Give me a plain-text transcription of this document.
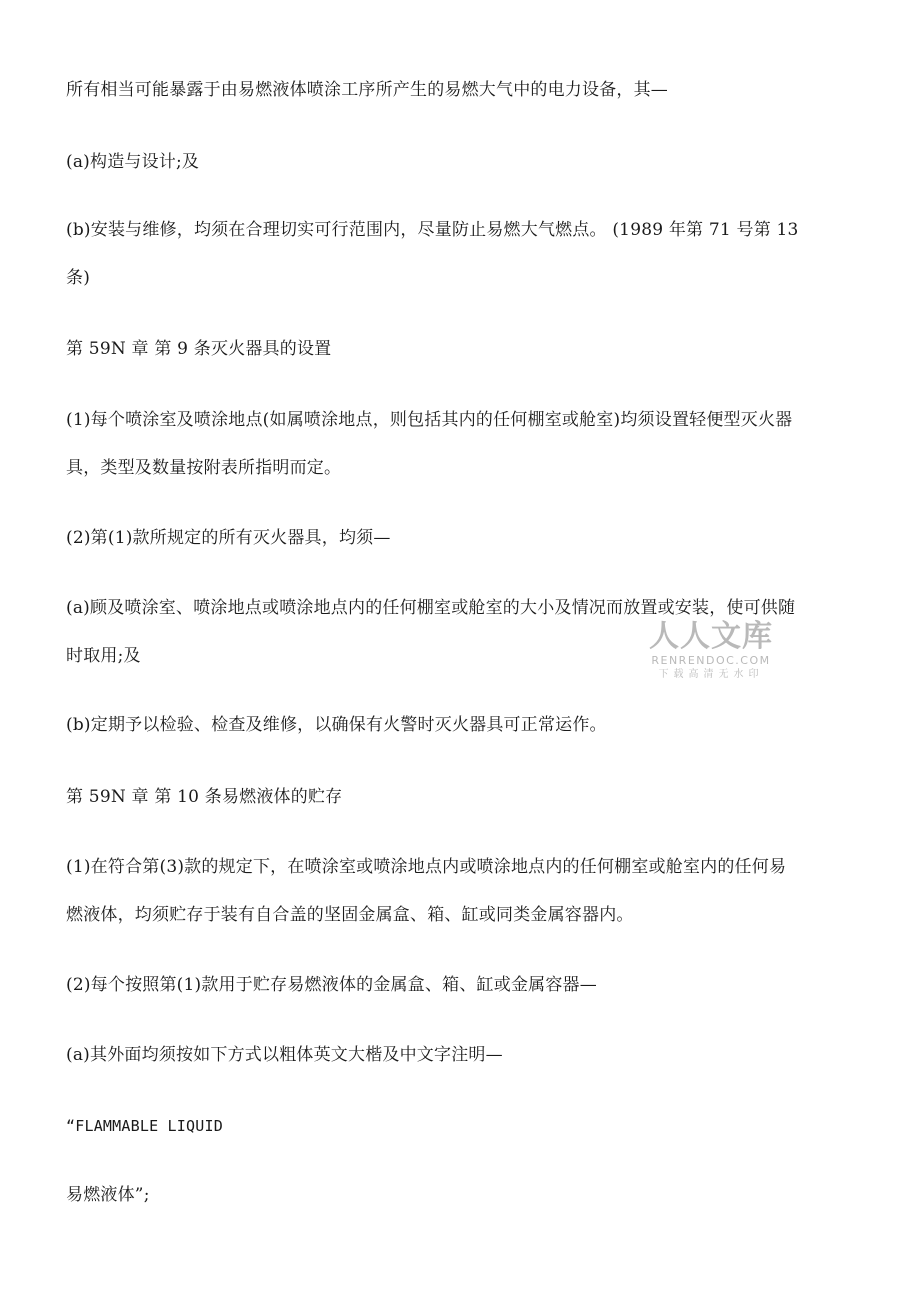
所有相当可能暴露于由易燃液体喷涂工序所产生的易燃大气中的电力设备，其—

(a)构造与设计;及

(b)安装与维修，均须在合理切实可行范围内，尽量防止易燃大气燃点。 (1989 年第 71 号第 13

条)

第 59N 章 第 9 条灭火器具的设置

(1)每个喷涂室及喷涂地点(如属喷涂地点，则包括其内的任何棚室或舱室)均须设置轻便型灭火器

具，类型及数量按附表所指明而定。

(2)第(1)款所规定的所有灭火器具，均须—

(a)顾及喷涂室、喷涂地点或喷涂地点内的任何棚室或舱室的大小及情况而放置或安装，使可供随

时取用;及

(b)定期予以检验、检查及维修，以确保有火警时灭火器具可正常运作。

第 59N 章 第 10 条易燃液体的贮存

(1)在符合第(3)款的规定下，在喷涂室或喷涂地点内或喷涂地点内的任何棚室或舱室内的任何易

燃液体，均须贮存于装有自合盖的坚固金属盒、箱、缸或同类金属容器内。

(2)每个按照第(1)款用于贮存易燃液体的金属盒、箱、缸或金属容器—

(a)其外面均须按如下方式以粗体英文大楷及中文字注明—

“FLAMMABLE LIQUID

易燃液体”;

人人文库
RENRENDOC.COM
下载高清无水印
